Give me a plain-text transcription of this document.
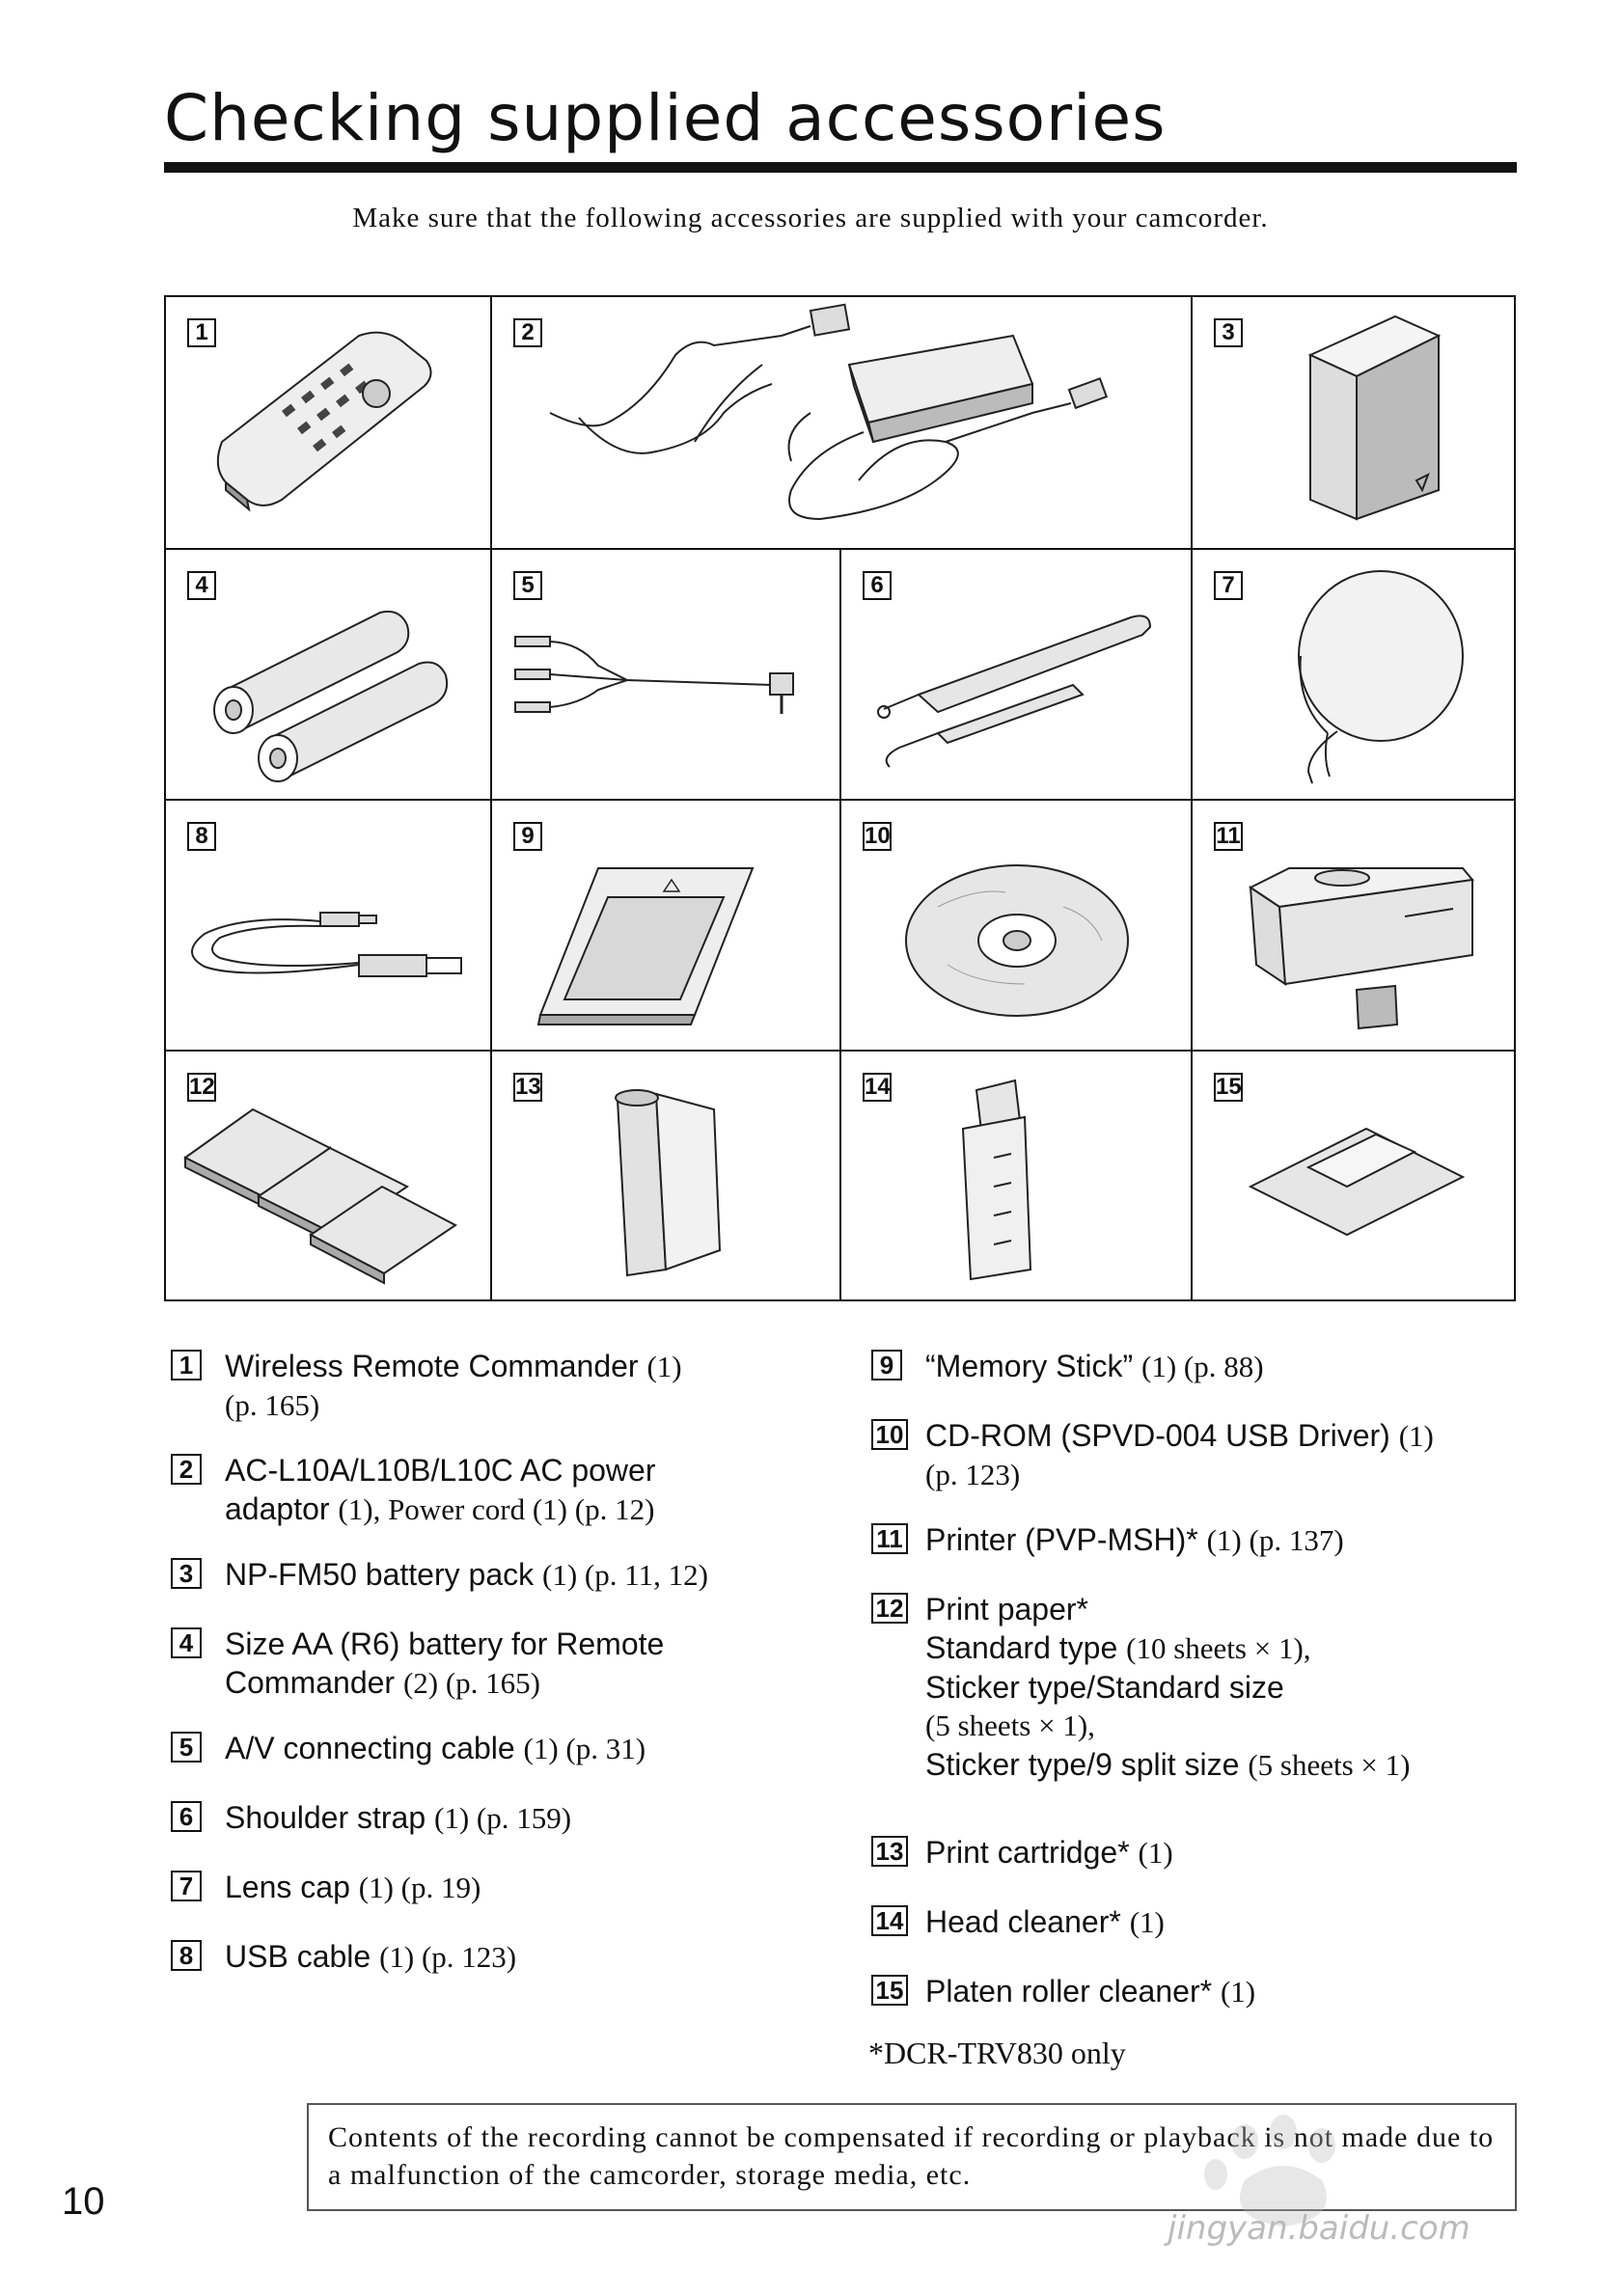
Checking supplied accessories
Make sure that the following accessories are supplied with your camcorder.
1	2	3
4	5	6	7
8	9	10	11
12	13	14	15
1 Wireless Remote Commander (1)
(p. 165)
2 AC-L10A/L10B/L10C AC power
adaptor (1), Power cord (1) (p. 12)
3 NP-FM50 battery pack (1) (p. 11, 12)
4 Size AA (R6) battery for Remote
Commander (2) (p. 165)
5 A/V connecting cable (1) (p. 31)
6 Shoulder strap (1) (p. 159)
7 Lens cap (1) (p. 19)
8 USB cable (1) (p. 123)
9 “Memory Stick” (1) (p. 88)
10 CD-ROM (SPVD-004 USB Driver) (1)
(p. 123)
11 Printer (PVP-MSH)* (1) (p. 137)
12 Print paper*
Standard type (10 sheets × 1),
Sticker type/Standard size
(5 sheets × 1),
Sticker type/9 split size (5 sheets × 1)
13 Print cartridge* (1)
14 Head cleaner* (1)
15 Platen roller cleaner* (1)
*DCR-TRV830 only
Contents of the recording cannot be compensated if recording or playback is not made due to a malfunction of the camcorder, storage media, etc.
jingyan.baidu.com
10
